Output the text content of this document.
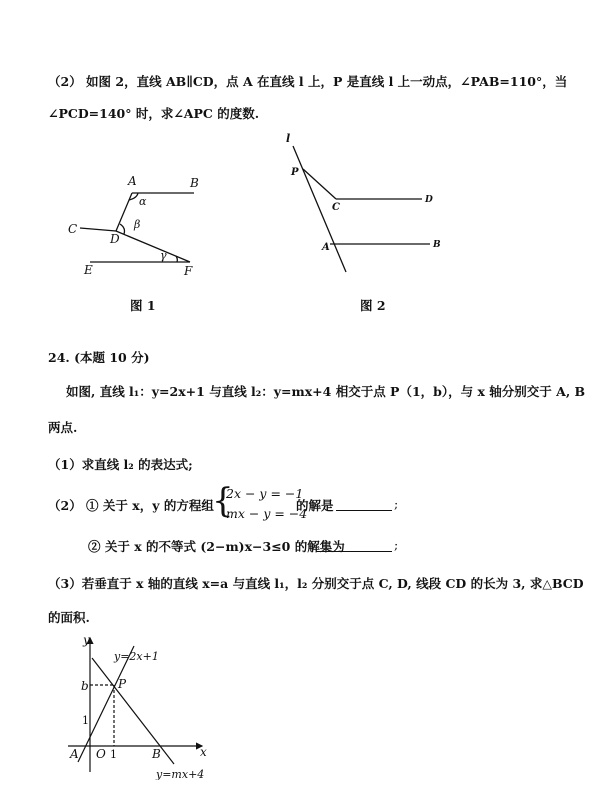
（2） 如图 2，直线 AB∥CD，点 A 在直线 l 上，P 是直线 l 上一动点，∠PAB=110°，当
∠PCD=140° 时，求∠APC 的度数.
A	B
C
D
E	F
α
β
γ
图 1
l
P
C
D
A	B
图 2
24. (本题 10 分)
如图, 直线 l₁：y=2x+1 与直线 l₂：y=mx+4 相交于点 P（1，b），与 x 轴分别交于 A, B
两点.
（1）求直线 l₂ 的表达式;
（2） ① 关于 x，y 的方程组
{
2x − y = −1
mx − y = −4
的解是	;
② 关于 x 的不等式 (2−m)x−3≤0 的解集为	;
（3）若垂直于 x 轴的直线 x=a 与直线 l₁，l₂ 分别交于点 C, D, 线段 CD 的长为 3, 求△BCD
的面积.
y
x
y=2x+1
y=mx+4
P
b
1
A O 1	B
